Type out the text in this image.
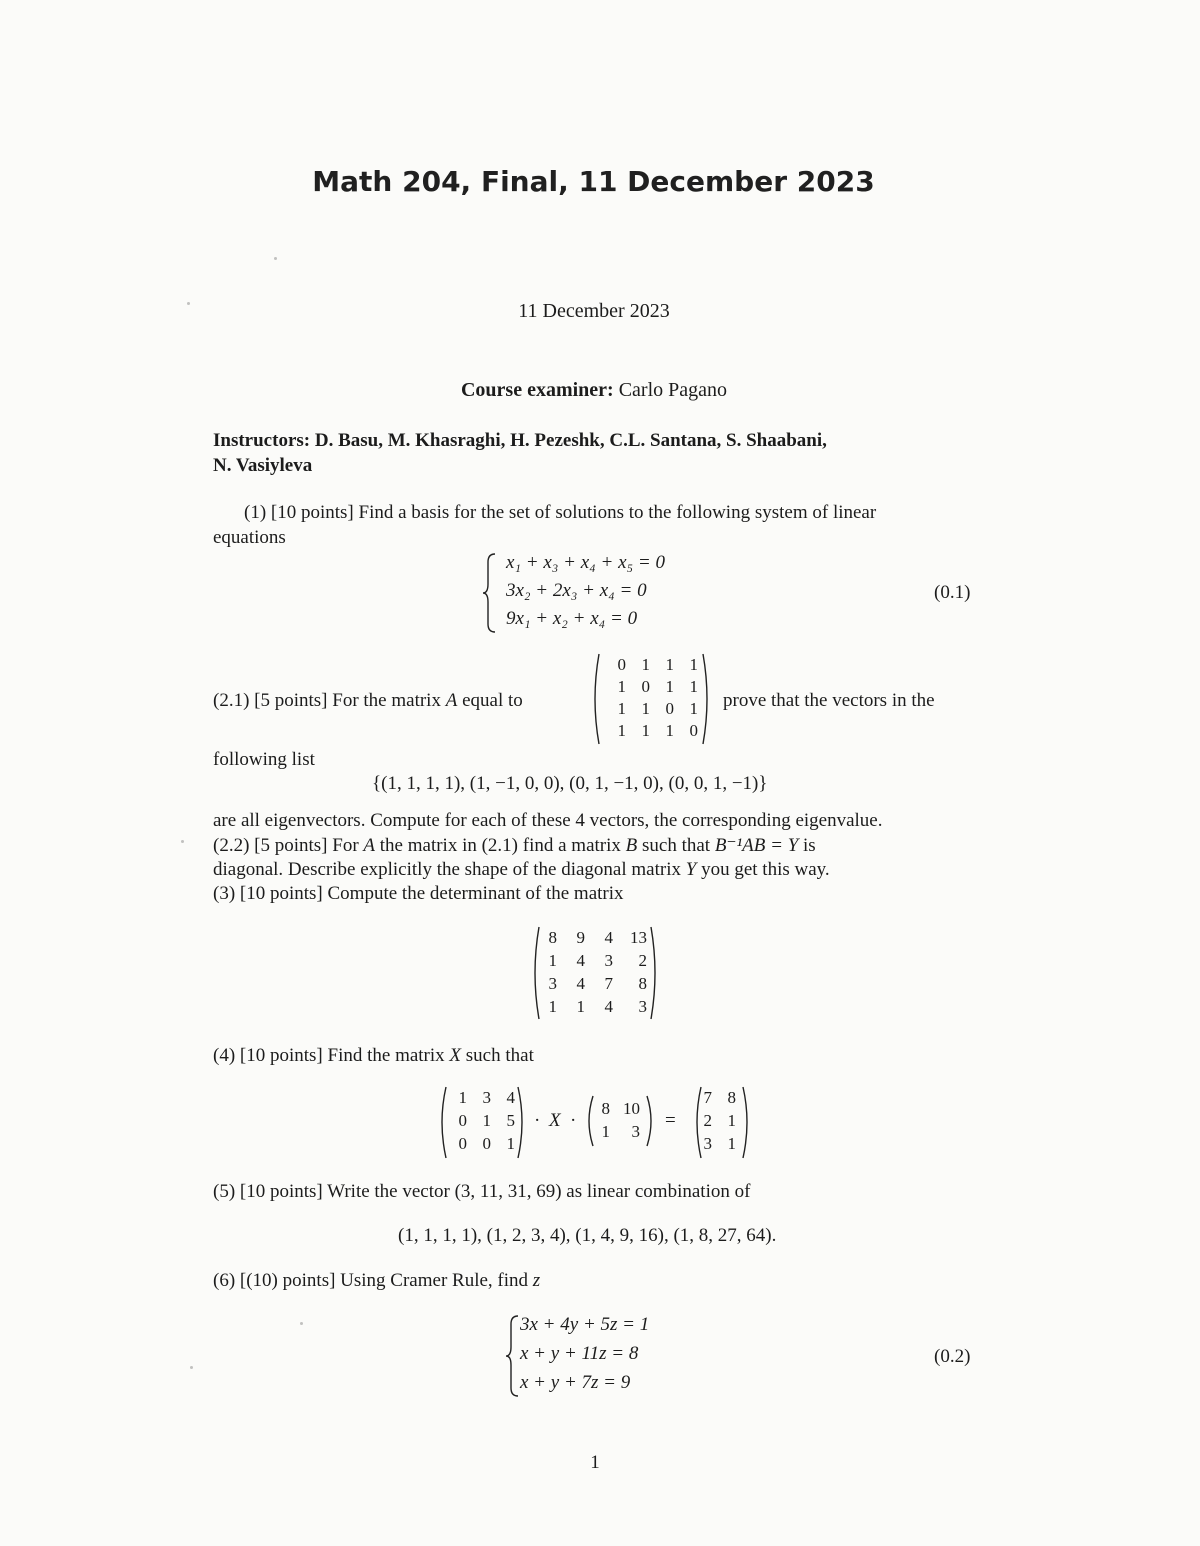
Math 204, Final, 11 December 2023
11 December 2023
Course examiner: Carlo Pagano
Instructors: D. Basu, M. Khasraghi, H. Pezeshk, C.L. Santana, S. Shaabani,
N. Vasiyleva
(1) [10 points] Find a basis for the set of solutions to the following system of linear
equations
x₁ + x₃ + x₄ + x₅ = 0
3x₂ + 2x₃ + x₄ = 0
9x₁ + x₂ + x₄ = 0
(0.1)
(2.1) [5 points] For the matrix A equal to
0 1 1 1
1 0 1 1
1 1 0 1
1 1 1 0
prove that the vectors in the
following list
{(1, 1, 1, 1), (1, −1, 0, 0), (0, 1, −1, 0), (0, 0, 1, −1)}
are all eigenvectors. Compute for each of these 4 vectors, the corresponding eigenvalue.
(2.2) [5 points] For A the matrix in (2.1) find a matrix B such that B⁻¹AB = Y is
diagonal. Describe explicitly the shape of the diagonal matrix Y you get this way.
(3) [10 points] Compute the determinant of the matrix
8	9	4	13
1	4	3	2
3	4	7	8
1	1	4	3
(4) [10 points] Find the matrix X such that
1 3 4
0 1 5
0 0 1
· X ·
8 10
1	3
=
7 8
2 1
3 1
(5) [10 points] Write the vector (3, 11, 31, 69) as linear combination of
(1, 1, 1, 1), (1, 2, 3, 4), (1, 4, 9, 16), (1, 8, 27, 64).
(6) [(10) points] Using Cramer Rule, find z
3x + 4y + 5z = 1
x + y + 11z = 8
x + y + 7z = 9
(0.2)
1
